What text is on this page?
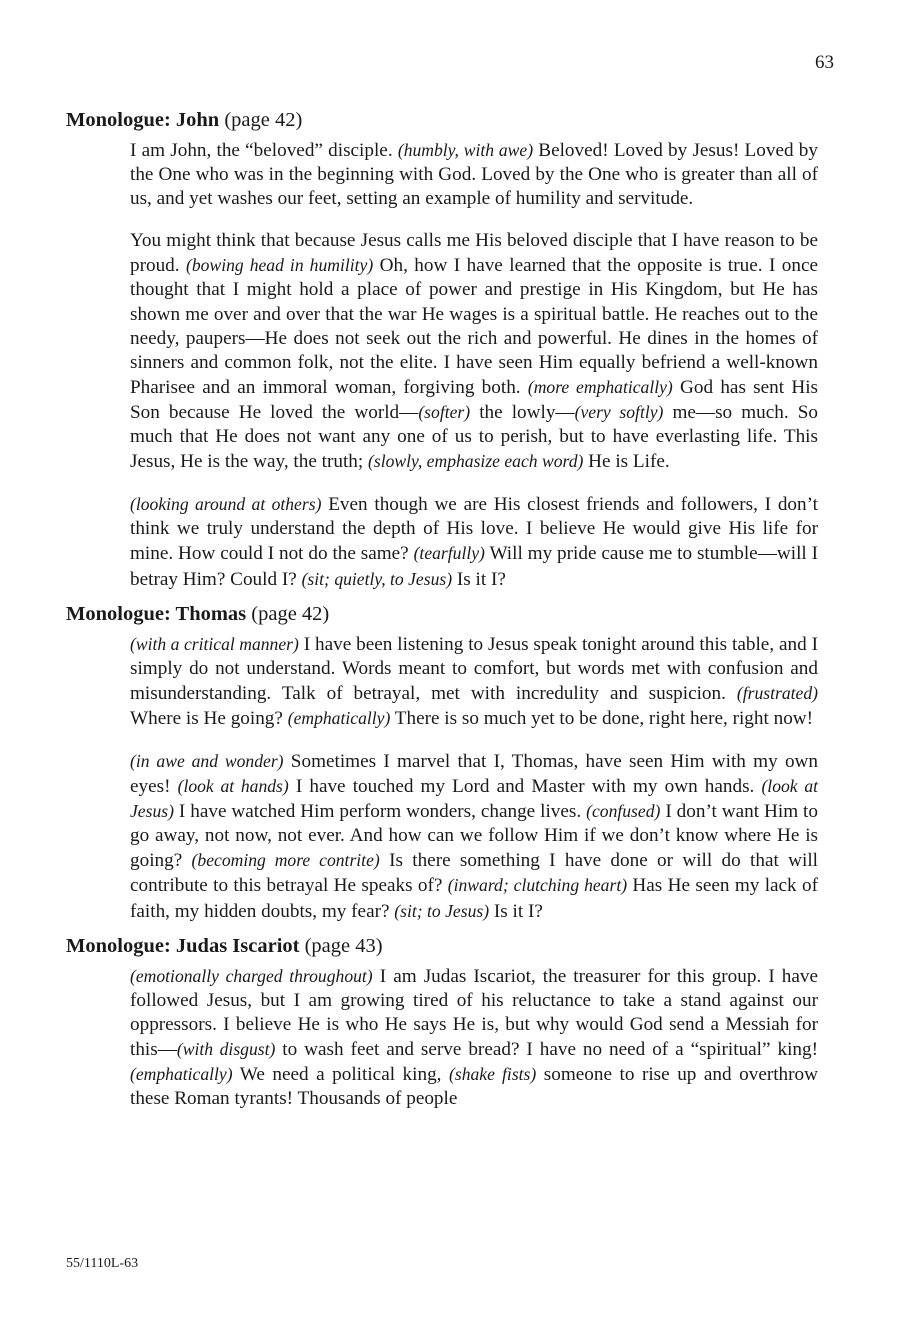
63
Monologue: John (page 42)

I am John, the “beloved” disciple. (humbly, with awe) Beloved! Loved by Jesus! Loved by the One who was in the beginning with God. Loved by the One who is greater than all of us, and yet washes our feet, setting an example of humility and servitude.

You might think that because Jesus calls me His beloved disciple that I have reason to be proud. (bowing head in humility) Oh, how I have learned that the opposite is true. I once thought that I might hold a place of power and prestige in His Kingdom, but He has shown me over and over that the war He wages is a spiritual battle. He reaches out to the needy, paupers—He does not seek out the rich and powerful. He dines in the homes of sinners and common folk, not the elite. I have seen Him equally befriend a well-known Pharisee and an immoral woman, forgiving both. (more emphatically) God has sent His Son because He loved the world—(softer) the lowly—(very softly) me—so much. So much that He does not want any one of us to perish, but to have everlasting life. This Jesus, He is the way, the truth; (slowly, emphasize each word) He is Life.

(looking around at others) Even though we are His closest friends and followers, I don’t think we truly understand the depth of His love. I believe He would give His life for mine. How could I not do the same? (tearfully) Will my pride cause me to stumble—will I betray Him? Could I? (sit; quietly, to Jesus) Is it I?

Monologue: Thomas (page 42)

(with a critical manner) I have been listening to Jesus speak tonight around this table, and I simply do not understand. Words meant to comfort, but words met with confusion and misunderstanding. Talk of betrayal, met with incredulity and suspicion. (frustrated) Where is He going? (emphatically) There is so much yet to be done, right here, right now!

(in awe and wonder) Sometimes I marvel that I, Thomas, have seen Him with my own eyes! (look at hands) I have touched my Lord and Master with my own hands. (look at Jesus) I have watched Him perform wonders, change lives. (confused) I don’t want Him to go away, not now, not ever. And how can we follow Him if we don’t know where He is going? (becoming more contrite) Is there something I have done or will do that will contribute to this betrayal He speaks of? (inward; clutching heart) Has He seen my lack of faith, my hidden doubts, my fear? (sit; to Jesus) Is it I?

Monologue: Judas Iscariot (page 43)

(emotionally charged throughout) I am Judas Iscariot, the treasurer for this group. I have followed Jesus, but I am growing tired of his reluctance to take a stand against our oppressors. I believe He is who He says He is, but why would God send a Messiah for this—(with disgust) to wash feet and serve bread? I have no need of a “spiritual” king! (emphatically) We need a political king, (shake fists) someone to rise up and overthrow these Roman tyrants! Thousands of people

55/1110L-63
